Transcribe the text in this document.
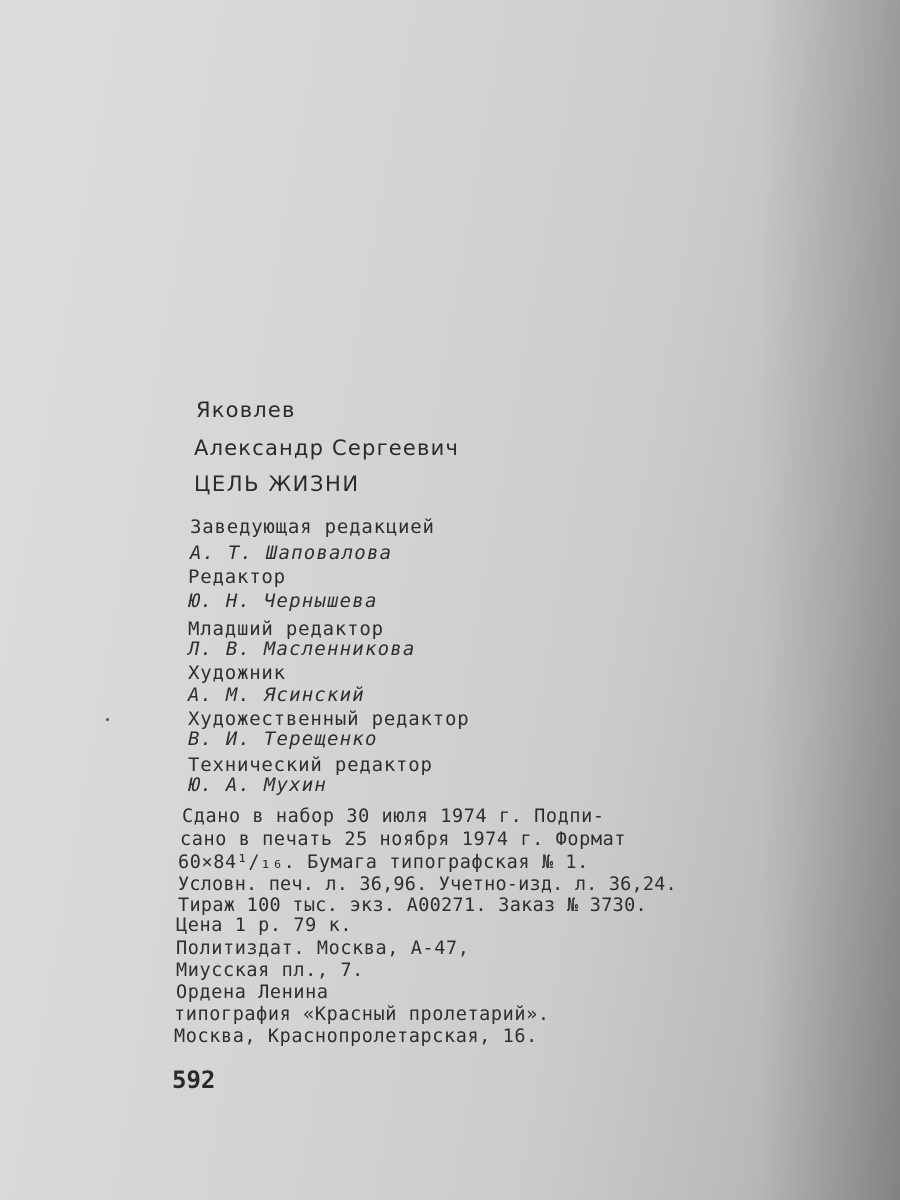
Яковлев
Александр Сергеевич
ЦЕЛЬ ЖИЗНИ
Заведующая редакцией
А. Т. Шаповалова
Редактор
Ю. Н. Чернышева
Младший редактор
Л. В. Масленникова
Художник
А. М. Ясинский
Художественный редактор
В. И. Терещенко
Технический редактор
Ю. А. Мухин
Сдано в набор 30 июля 1974 г. Подпи-
сано в печать 25 ноября 1974 г. Формат
60×84¹/₁₆. Бумага типографская № 1.
Условн. печ. л. 36,96. Учетно-изд. л. 36,24.
Тираж 100 тыс. экз. А00271. Заказ № 3730.
Цена 1 р. 79 к.
Политиздат. Москва, А-47,
Миусская пл., 7.
Ордена Ленина
типография «Красный пролетарий».
Москва, Краснопролетарская, 16.
592
